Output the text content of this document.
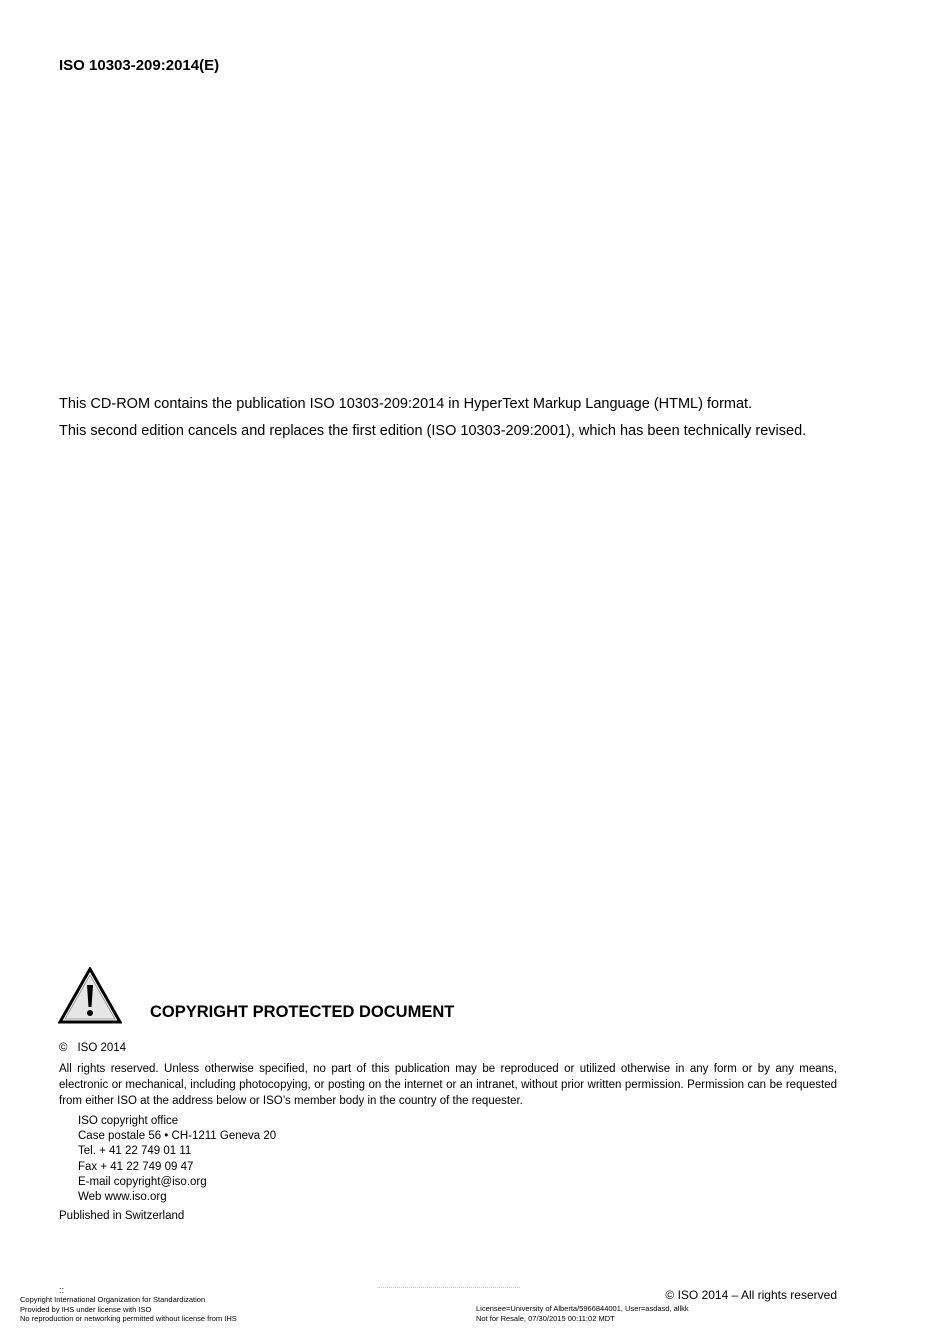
ISO 10303-209:2014(E)

This CD-ROM contains the publication ISO 10303-209:2014 in HyperText Markup Language (HTML) format.

This second edition cancels and replaces the first edition (ISO 10303-209:2001), which has been technically revised.

COPYRIGHT PROTECTED DOCUMENT
© ISO 2014
All rights reserved. Unless otherwise specified, no part of this publication may be reproduced or utilized otherwise in any form or by any means, electronic or mechanical, including photocopying, or posting on the internet or an intranet, without prior written permission. Permission can be requested from either ISO at the address below or ISO’s member body in the country of the requester.
ISO copyright office
Case postale 56 • CH-1211 Geneva 20
Tel. + 41 22 749 01 11
Fax + 41 22 749 09 47
E-mail copyright@iso.org
Web www.iso.org
Published in Switzerland
::	© ISO 2014 – All rights reserved
Copyright International Organization for Standardization
Provided by IHS under license with ISO
No reproduction or networking permitted without license from IHS
Licensee=University of Alberta/5966844001, User=asdasd, allkk
Not for Resale, 07/30/2015 00:11:02 MDT
